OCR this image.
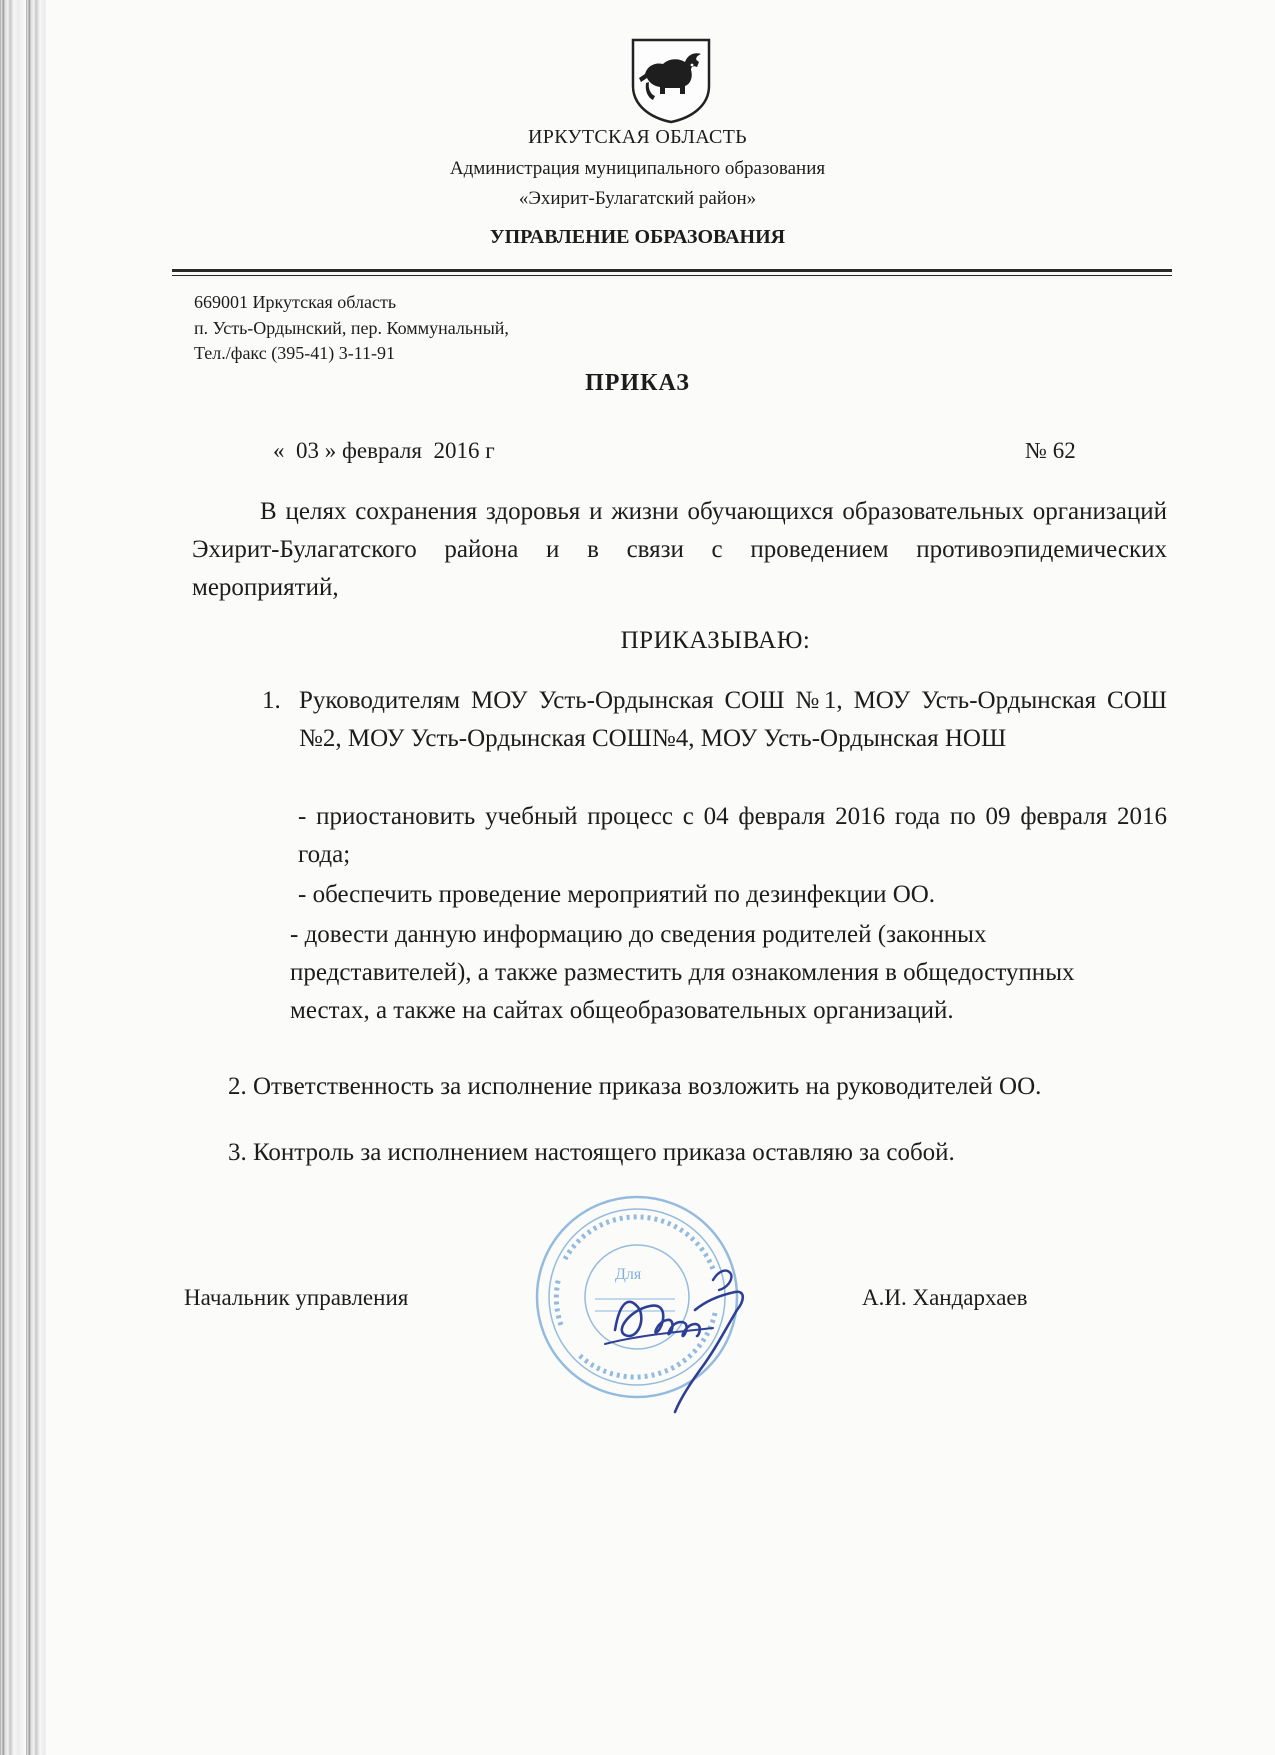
ИРКУТСКАЯ ОБЛАСТЬ
Администрация муниципального образования
«Эхирит-Булагатский район»
УПРАВЛЕНИЕ ОБРАЗОВАНИЯ
669001 Иркутская область
п. Усть-Ордынский, пер. Коммунальный,
Тел./факс (395-41) 3-11-91
ПРИКАЗ
«  03 » февраля  2016 г	№ 62
В целях сохранения здоровья и жизни обучающихся образовательных организаций Эхирит-Булагатского района и в связи с проведением противоэпидемических мероприятий,
ПРИКАЗЫВАЮ:
1. Руководителям МОУ Усть-Ордынская СОШ №1, МОУ Усть-Ордынская СОШ №2, МОУ Усть-Ордынская СОШ№4, МОУ Усть-Ордынская НОШ
- приостановить учебный процесс с 04 февраля 2016 года по 09 февраля 2016 года;
- обеспечить проведение мероприятий по дезинфекции ОО.
- довести данную информацию до сведения родителей (законных представителей), а также разместить для ознакомления в общедоступных местах, а также на сайтах общеобразовательных организаций.
2. Ответственность за исполнение приказа возложить на руководителей ОО.
3. Контроль за исполнением настоящего приказа оставляю за собой.
Для
Начальник управления	А.И. Хандархаев
